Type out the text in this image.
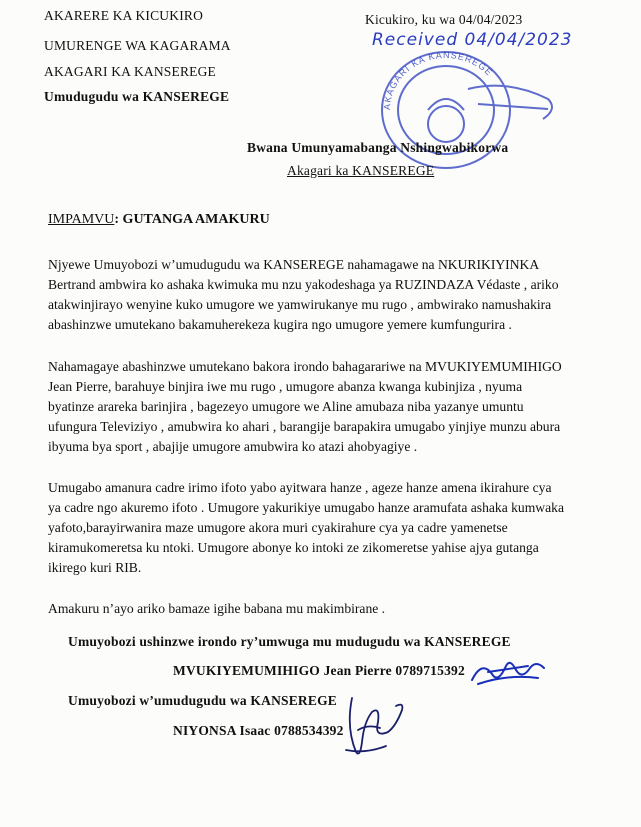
AKARERE KA KICUKIRO
UMURENGE WA KAGARAMA
AKAGARI KA KANSEREGE
Umudugudu wa KANSEREGE
Kicukiro, ku wa 04/04/2023
Received 04/04/2023
AKAGARI KA KANSEREGE
Bwana Umunyamabanga Nshingwabikorwa
Akagari ka KANSEREGE
IMPAMVU: GUTANGA AMAKURU
Njyewe Umuyobozi w’umudugudu wa KANSEREGE nahamagawe na NKURIKIYINKA
Bertrand ambwira ko ashaka kwimuka mu nzu yakodeshaga ya RUZINDAZA Védaste , ariko
atakwinjirayo wenyine kuko umugore we yamwirukanye mu rugo , ambwirako namushakira
abashinzwe umutekano bakamuherekeza kugira ngo umugore yemere kumfungurira .
Nahamagaye abashinzwe umutekano bakora irondo bahagarariwe na MVUKIYEMUMIHIGO
Jean Pierre, barahuye binjira iwe mu rugo , umugore abanza kwanga kubinjiza , nyuma
byatinze arareka barinjira , bagezeyo umugore we Aline amubaza niba yazanye umuntu
ufungura Televiziyo , amubwira ko ahari , barangije barapakira umugabo yinjiye munzu abura
ibyuma bya sport , abajije umugore amubwira ko atazi ahobyagiye .
Umugabo amanura cadre irimo ifoto yabo ayitwara hanze , ageze hanze amena ikirahure cya
ya cadre ngo akuremo ifoto . Umugore yakurikiye umugabo hanze aramufata ashaka kumwaka
yafoto,barayirwanira maze umugore akora muri cyakirahure cya ya cadre yamenetse
kiramukomeretsa ku ntoki. Umugore abonye ko intoki ze zikomeretse yahise ajya gutanga
ikirego kuri RIB.
Amakuru n’ayo ariko bamaze igihe babana mu makimbirane .
Umuyobozi ushinzwe irondo ry’umwuga mu mudugudu wa KANSEREGE
MVUKIYEMUMIHIGO Jean Pierre 0789715392
Umuyobozi w’umudugudu wa KANSEREGE
NIYONSA Isaac 0788534392
